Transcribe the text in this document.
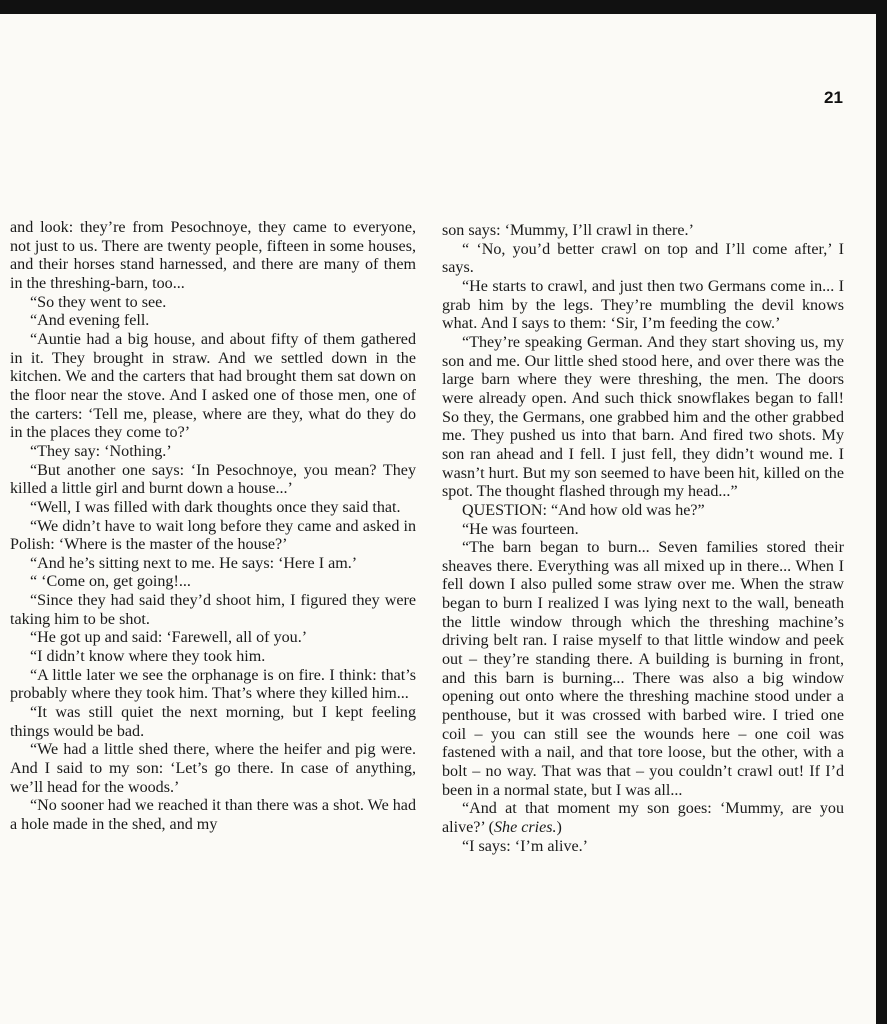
21

and look: they’re from Pesochnoye, they came to everyone, not just to us. There are twenty people, fifteen in some houses, and their horses stand harnessed, and there are many of them in the threshing-barn, too...

“So they went to see.

“And evening fell.

“Auntie had a big house, and about fifty of them gathered in it. They brought in straw. And we settled down in the kitchen. We and the carters that had brought them sat down on the floor near the stove. And I asked one of those men, one of the carters: ‘Tell me, please, where are they, what do they do in the places they come to?’

“They say: ‘Nothing.’

“But another one says: ‘In Pesochnoye, you mean? They killed a little girl and burnt down a house...’

“Well, I was filled with dark thoughts once they said that.

“We didn’t have to wait long before they came and asked in Polish: ‘Where is the master of the house?’

“And he’s sitting next to me. He says: ‘Here I am.’

“ ‘Come on, get going!...

“Since they had said they’d shoot him, I figured they were taking him to be shot.

“He got up and said: ‘Farewell, all of you.’

“I didn’t know where they took him.

“A little later we see the orphanage is on fire. I think: that’s probably where they took him. That’s where they killed him...

“It was still quiet the next morning, but I kept feeling things would be bad.

“We had a little shed there, where the heifer and pig were. And I said to my son: ‘Let’s go there. In case of anything, we’ll head for the woods.’

“No sooner had we reached it than there was a shot. We had a hole made in the shed, and my

son says: ‘Mummy, I’ll crawl in there.’

“ ‘No, you’d better crawl on top and I’ll come after,’ I says.

“He starts to crawl, and just then two Germans come in... I grab him by the legs. They’re mumbling the devil knows what. And I says to them: ‘Sir, I’m feeding the cow.’

“They’re speaking German. And they start shoving us, my son and me. Our little shed stood here, and over there was the large barn where they were threshing, the men. The doors were already open. And such thick snowflakes began to fall! So they, the Germans, one grabbed him and the other grabbed me. They pushed us into that barn. And fired two shots. My son ran ahead and I fell. I just fell, they didn’t wound me. I wasn’t hurt. But my son seemed to have been hit, killed on the spot. The thought flashed through my head...”

QUESTION: “And how old was he?”

“He was fourteen.

“The barn began to burn... Seven families stored their sheaves there. Everything was all mixed up in there... When I fell down I also pulled some straw over me. When the straw began to burn I realized I was lying next to the wall, beneath the little window through which the threshing machine’s driving belt ran. I raise myself to that little window and peek out – they’re standing there. A building is burning in front, and this barn is burning... There was also a big window opening out onto where the threshing machine stood under a penthouse, but it was crossed with barbed wire. I tried one coil – you can still see the wounds here – one coil was fastened with a nail, and that tore loose, but the other, with a bolt – no way. That was that – you couldn’t crawl out! If I’d been in a normal state, but I was all...

“And at that moment my son goes: ‘Mummy, are you alive?’ (She cries.)

“I says: ‘I’m alive.’
